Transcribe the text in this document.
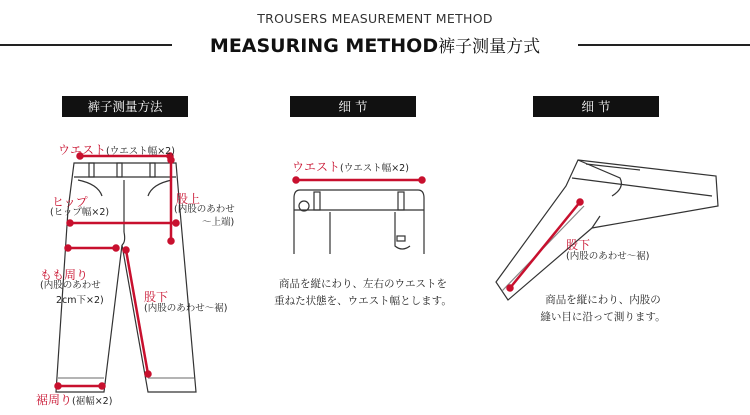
TROUSERS MEASUREMENT METHOD
MEASURING METHOD裤子测量方式
裤子测量方法	细 节	细 节
ウエスト(ウエスト幅×2)
ヒップ
(ヒップ幅×2)
股上
(内股のあわせ
～上端)
もも周り
(内股のあわせ
2cm下×2)	股下
(内股のあわせ～裾)
裾周り(裾幅×2)
ウエスト(ウエスト幅×2)
商品を縦にわり、左右のウエストを
重ねた状態を、ウエスト幅とします。
股下
(内股のあわせ～裾)
商品を縦にわり、内股の
縫い目に沿って測ります。
